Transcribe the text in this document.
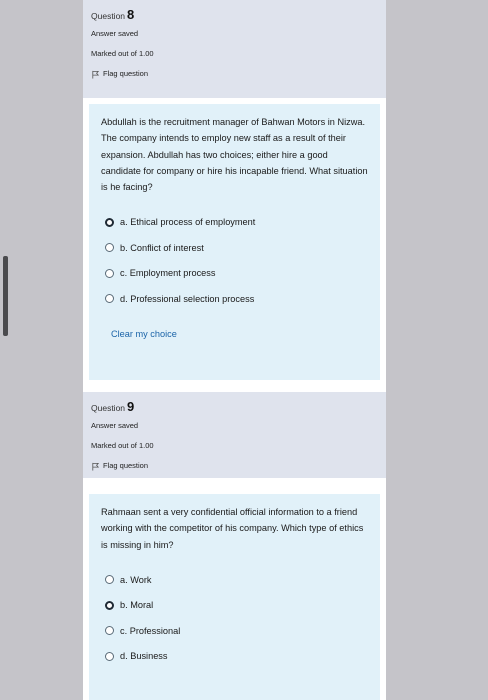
Question 8
Answer saved
Marked out of 1.00
Flag question
Abdullah is the recruitment manager of Bahwan Motors in Nizwa. The company intends to employ new staff as a result of their expansion. Abdullah has two choices; either hire a good candidate for company or hire his incapable friend. What situation is he facing?
a. Ethical process of employment
b. Conflict of interest
c. Employment process
d. Professional selection process
Clear my choice
Question 9
Answer saved
Marked out of 1.00
Flag question
Rahmaan sent a very confidential official information to a friend working with the competitor of his company. Which type of ethics is missing in him?
a. Work
b. Moral
c. Professional
d. Business
